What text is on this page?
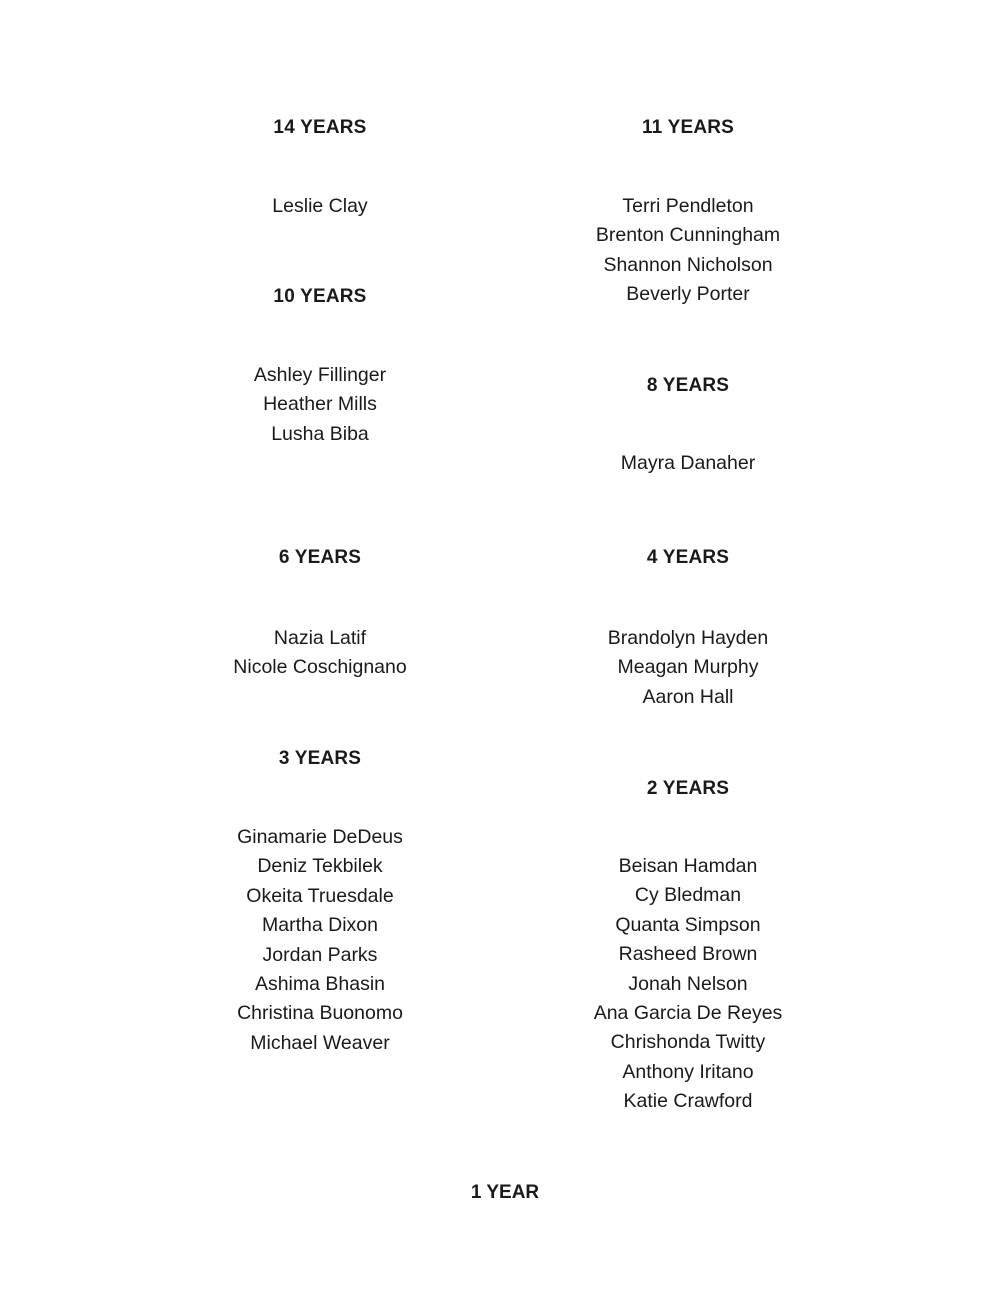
14 YEARS
Leslie Clay
10 YEARS
Ashley Fillinger
Heather Mills
Lusha Biba
6 YEARS
Nazia Latif
Nicole Coschignano
3 YEARS
Ginamarie DeDeus
Deniz Tekbilek
Okeita Truesdale
Martha Dixon
Jordan Parks
Ashima Bhasin
Christina Buonomo
Michael Weaver
11 YEARS
Terri Pendleton
Brenton Cunningham
Shannon Nicholson
Beverly Porter
8 YEARS
Mayra Danaher
4 YEARS
Brandolyn Hayden
Meagan Murphy
Aaron Hall
2 YEARS
Beisan Hamdan
Cy Bledman
Quanta Simpson
Rasheed Brown
Jonah Nelson
Ana Garcia De Reyes
Chrishonda Twitty
Anthony Iritano
Katie Crawford
1 YEAR
